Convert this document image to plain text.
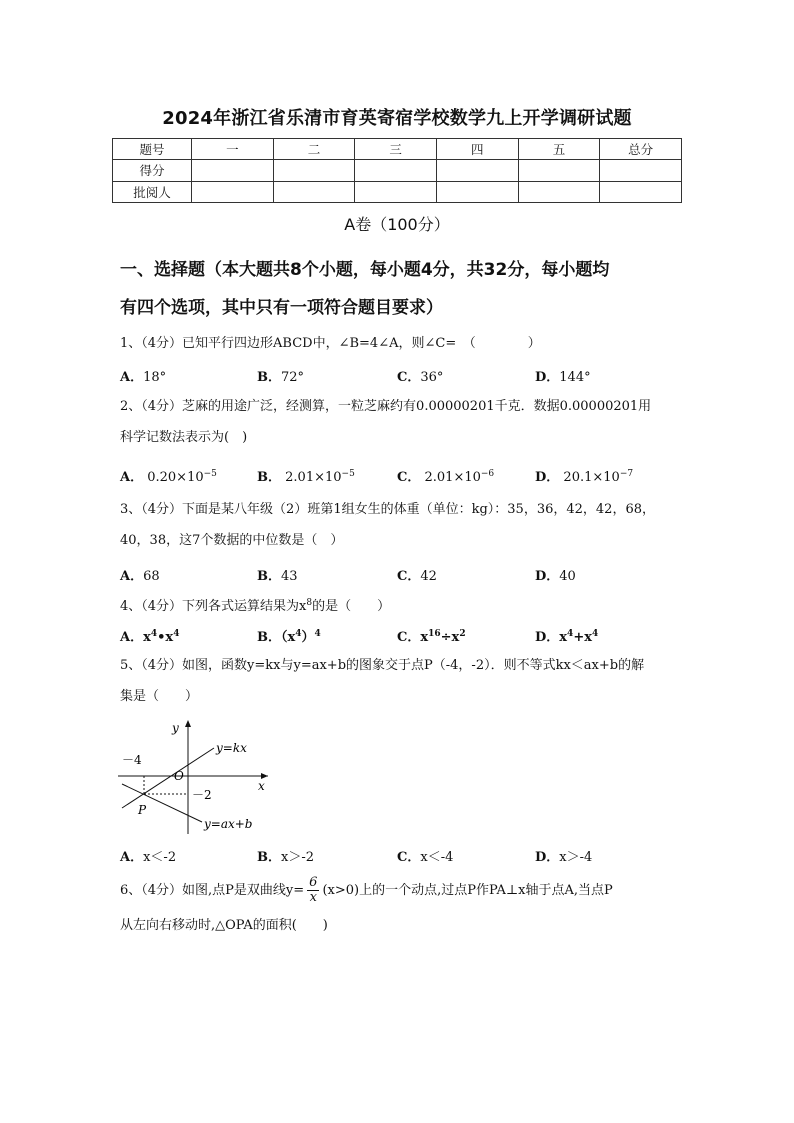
2024年浙江省乐清市育英寄宿学校数学九上开学调研试题
题号	一	二	三	四	五	总分
得分						
批阅人						
A卷（100分）
一、选择题（本大题共8个小题，每小题4分，共32分，每小题均
有四个选项，其中只有一项符合题目要求）
1、（4分）已知平行四边形ABCD中，∠B=4∠A，则∠C=　（　　　　）
A．18°	B．72°	C．36°	D．144°
2、（4分）芝麻的用途广泛，经测算，一粒芝麻约有0.00000201千克．数据0.00000201用
科学记数法表示为(　)
A． $0.20\times 10^{-5}$	B． $2.01\times 10^{-5}$	C． $2.01\times 10^{-6}$	D． $20.1\times 10^{-7}$
3、（4分）下面是某八年级（2）班第1组女生的体重（单位：kg）：35，36，42，42，68，
40，38，这7个数据的中位数是（　）
A．68	B．43	C．42	D．40
4、（4分）下列各式运算结果为$x^8$的是（　　）
A．$x^4•x^4$	B．$(x^4)^4$	C．$x^{16}\div x^2$	D．$x^4+x^4$
5、（4分）如图，函数y=kx与y=ax+b的图象交于点P（-4，-2）．则不等式kx＜ax+b的解
集是（　　）
y
x
O
P
－4
－2
y=kx
y=ax+b
A．x＜-2	B．x＞-2	C．x＜-4	D．x＞-4
6、（4分）如图,点P是双曲线$y= \frac{6}{x} (x>0)$上的一个动点,过点P作PA⊥x轴于点A,当点P
从左向右移动时,△OPA的面积(　　)
